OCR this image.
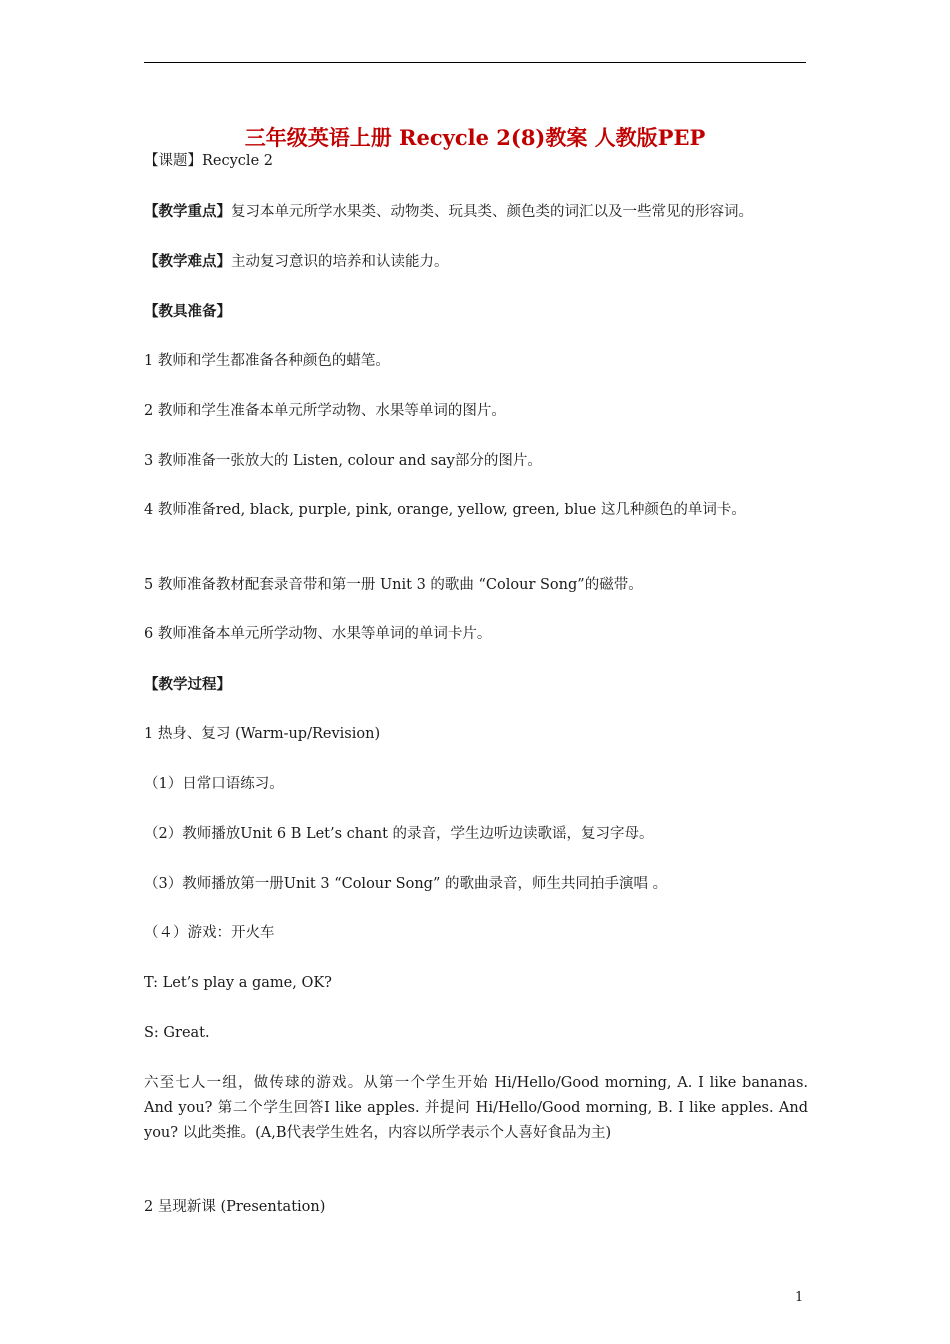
三年级英语上册 Recycle 2(8)教案 人教版PEP
【课题】Recycle 2
【教学重点】复习本单元所学水果类、动物类、玩具类、颜色类的词汇以及一些常见的形容词。
【教学难点】主动复习意识的培养和认读能力。
【教具准备】
1 教师和学生都准备各种颜色的蜡笔。
2 教师和学生准备本单元所学动物、水果等单词的图片。
3 教师准备一张放大的 Listen, colour and say部分的图片。
4 教师准备red, black, purple, pink, orange, yellow, green, blue 这几种颜色的单词卡。
5 教师准备教材配套录音带和第一册 Unit 3 的歌曲 “Colour Song”的磁带。
6 教师准备本单元所学动物、水果等单词的单词卡片。
【教学过程】
1 热身、复习 (Warm-up/Revision)
（1）日常口语练习。
（2）教师播放Unit 6 B Let’s chant 的录音，学生边听边读歌谣，复习字母。
（3）教师播放第一册Unit 3 “Colour Song” 的歌曲录音，师生共同拍手演唱 。
（４）游戏：开火车
T: Let’s play a game, OK?
S: Great.
六至七人一组，做传球的游戏。从第一个学生开始 Hi/Hello/Good morning, A. I like bananas. And you? 第二个学生回答I like apples. 并提问 Hi/Hello/Good morning, B. I like apples. And you? 以此类推。(A,B代表学生姓名，内容以所学表示个人喜好食品为主)
2 呈现新课 (Presentation)
1
